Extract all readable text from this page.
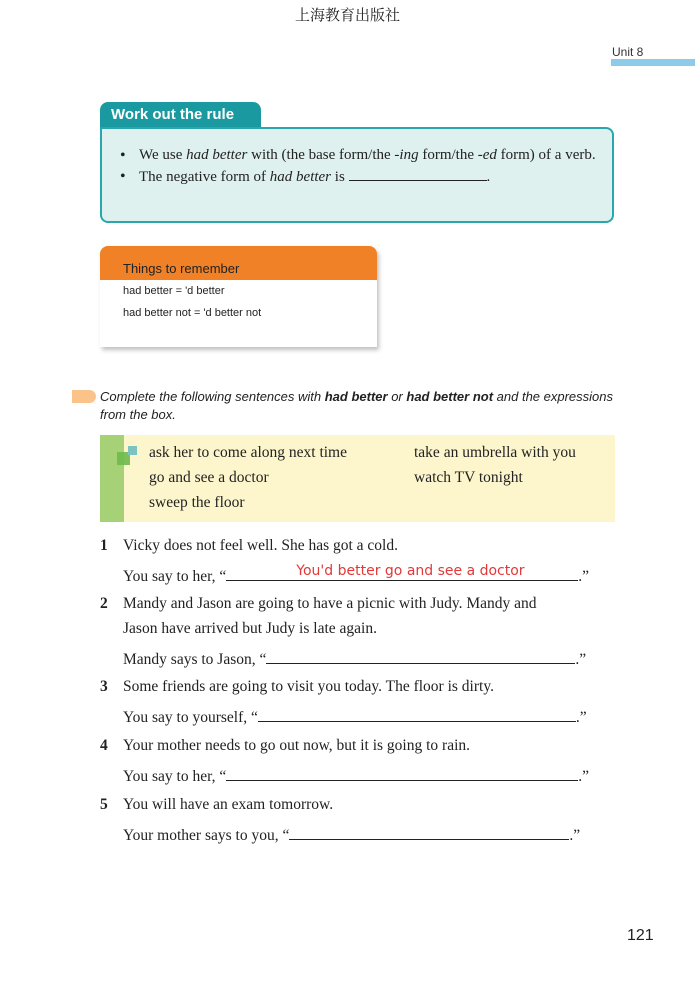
上海教育出版社
Unit 8
Work out the rule
• We use had better with (the base form/the -ing form/the -ed form) of a verb.
• The negative form of had better is	.
Things to remember
had better = 'd better
had better not = 'd better not
Complete the following sentences with had better or had better not and the expressions from the box.
ask her to come along next time
go and see a doctor
sweep the floor
take an umbrella with you
watch TV tonight
1 Vicky does not feel well. She has got a cold.
You say to her, “	You'd better go and see a doctor	.”
2 Mandy and Jason are going to have a picnic with Judy. Mandy and
Jason have arrived but Judy is late again.
Mandy says to Jason, “	.”
3 Some friends are going to visit you today. The floor is dirty.
You say to yourself, “	.”
4 Your mother needs to go out now, but it is going to rain.
You say to her, “	.”
5 You will have an exam tomorrow.
Your mother says to you, “	.”
121
